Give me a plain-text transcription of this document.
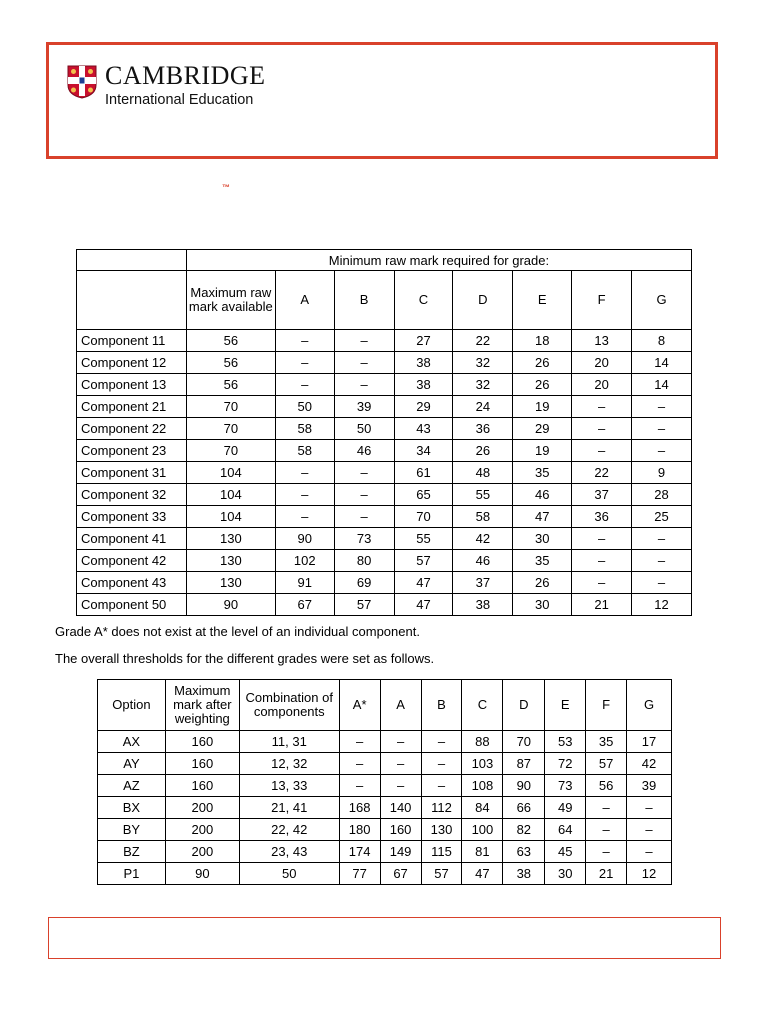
CAMBRIDGE
International Education
™
	Minimum raw mark required for grade:							
	Maximum raw mark available	A	B	C	D	E	F	G
Component 11	56	–	–	27	22	18	13	8
Component 12	56	–	–	38	32	26	20	14
Component 13	56	–	–	38	32	26	20	14
Component 21	70	50	39	29	24	19	–	–
Component 22	70	58	50	43	36	29	–	–
Component 23	70	58	46	34	26	19	–	–
Component 31	104	–	–	61	48	35	22	9
Component 32	104	–	–	65	55	46	37	28
Component 33	104	–	–	70	58	47	36	25
Component 41	130	90	73	55	42	30	–	–
Component 42	130	102	80	57	46	35	–	–
Component 43	130	91	69	47	37	26	–	–
Component 50	90	67	57	47	38	30	21	12
Grade A* does not exist at the level of an individual component.
The overall thresholds for the different grades were set as follows.
Option	Maximum mark after weighting	Combination of components	A*	A	B	C	D	E	F	G
AX	160	11, 31	–	–	–	88	70	53	35	17
AY	160	12, 32	–	–	–	103	87	72	57	42
AZ	160	13, 33	–	–	–	108	90	73	56	39
BX	200	21, 41	168	140	112	84	66	49	–	–
BY	200	22, 42	180	160	130	100	82	64	–	–
BZ	200	23, 43	174	149	115	81	63	45	–	–
P1	90	50	77	67	57	47	38	30	21	12
